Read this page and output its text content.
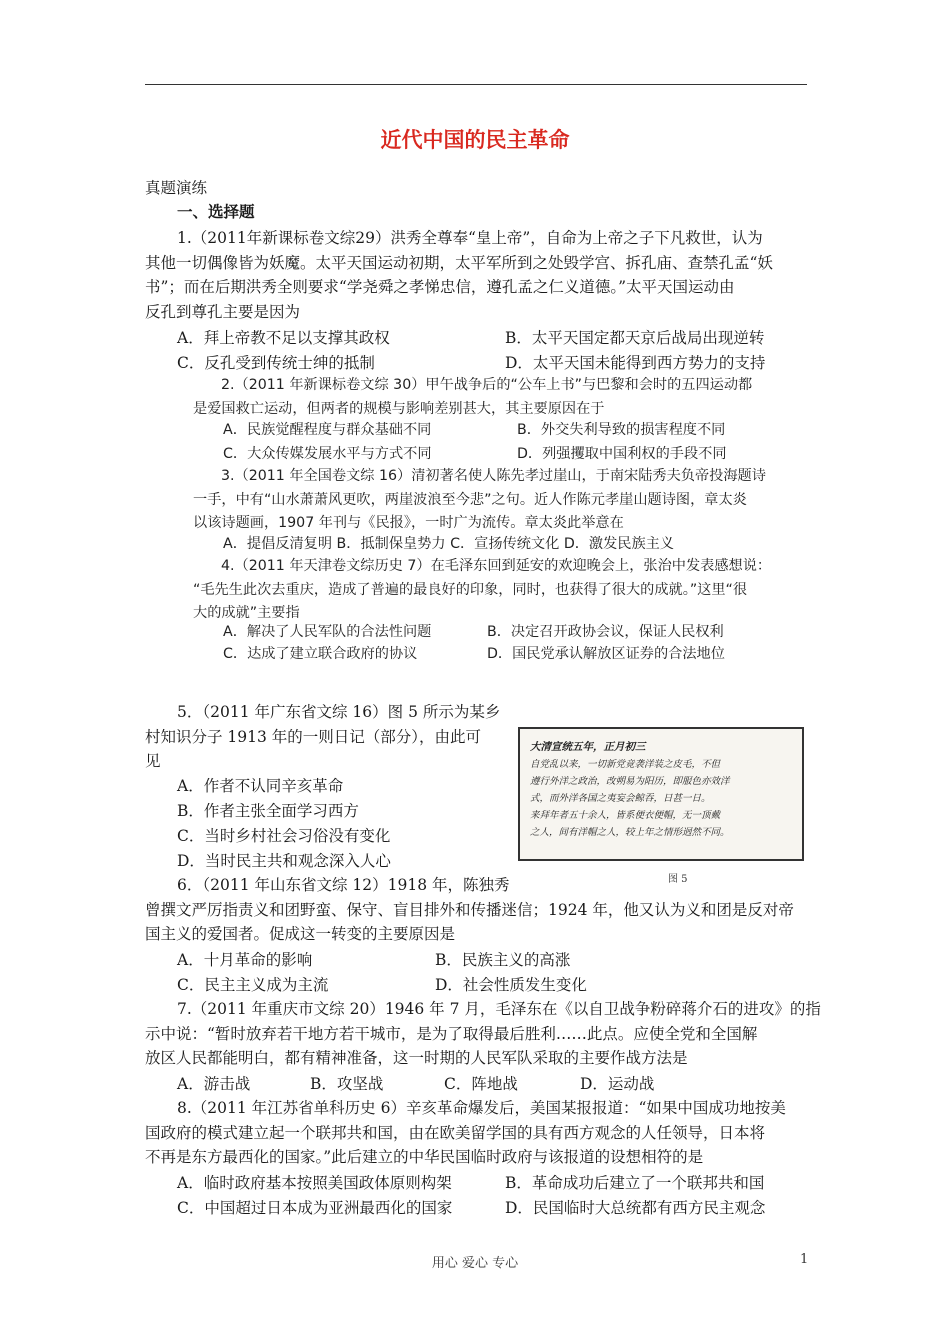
近代中国的民主革命
真题演练
一、选择题
1.（2011年新课标卷文综29）洪秀全尊奉“皇上帝”，自命为上帝之子下凡救世，认为
其他一切偶像皆为妖魔。太平天国运动初期，太平军所到之处毁学宫、拆孔庙、查禁孔孟“妖
书”；而在后期洪秀全则要求“学尧舜之孝悌忠信，遵孔孟之仁义道德。”太平天国运动由
反孔到尊孔主要是因为
A．拜上帝教不足以支撑其政权	B．太平天国定都天京后战局出现逆转
C．反孔受到传统士绅的抵制	D．太平天国未能得到西方势力的支持
2.（2011 年新课标卷文综 30）甲午战争后的“公车上书”与巴黎和会时的五四运动都
是爱国救亡运动，但两者的规模与影响差别甚大，其主要原因在于
A．民族觉醒程度与群众基础不同	B．外交失利导致的损害程度不同
C．大众传媒发展水平与方式不同	D．列强攫取中国利权的手段不同
3.（2011 年全国卷文综 16）清初著名使人陈先孝过崖山，于南宋陆秀夫负帝投海题诗
一手，中有“山水萧萧风更吹，两崖波浪至今悲”之句。近人作陈元孝崖山题诗图，章太炎
以该诗题画，1907 年刊与《民报》，一时广为流传。章太炎此举意在
A．提倡反清复明 B．抵制保皇势力 C．宣扬传统文化 D．激发民族主义
4.（2011 年天津卷文综历史 7）在毛泽东回到延安的欢迎晚会上，张治中发表感想说：
“毛先生此次去重庆，造成了普遍的最良好的印象，同时，也获得了很大的成就。”这里“很
大的成就”主要指
A．解决了人民军队的合法性问题	B．决定召开政协会议，保证人民权利
C．达成了建立联合政府的协议	D．国民党承认解放区证券的合法地位
5．（2011 年广东省文综 16）图 5 所示为某乡
村知识分子 1913 年的一则日记（部分），由此可
见
A．作者不认同辛亥革命
B．作者主张全面学习西方
C．当时乡村社会习俗没有变化
D．当时民主共和观念深入人心
大清宣统五年，正月初三
自党乱以来，一切新党竞袭洋装之皮毛，不但
遵行外洋之政治，改朔易为阳历，即服色亦效洋
式，而外洋各国之夷妄会鲸吞，日甚一日。
来拜年者五十余人，皆系便衣便帽，无一顶戴
之人，间有洋帽之人，较上年之情形迥然不同。
图 5
6．（2011 年山东省文综 12）1918 年，陈独秀
曾撰文严厉指责义和团野蛮、保守、盲目排外和传播迷信；1924 年，他又认为义和团是反对帝
国主义的爱国者。促成这一转变的主要原因是
A．十月革命的影响	B．民族主义的高涨
C．民主主义成为主流	D．社会性质发生变化
7.（2011 年重庆市文综 20）1946 年 7 月，毛泽东在《以自卫战争粉碎蒋介石的进攻》的指
示中说：“暂时放弃若干地方若干城市，是为了取得最后胜利……此点。应使全党和全国解
放区人民都能明白，都有精神准备，这一时期的人民军队采取的主要作战方法是
A．游击战	B．攻坚战	C．阵地战	D．运动战
8.（2011 年江苏省单科历史 6）辛亥革命爆发后，美国某报报道：“如果中国成功地按美
国政府的模式建立起一个联邦共和国，由在欧美留学国的具有西方观念的人任领导，日本将
不再是东方最西化的国家。”此后建立的中华民国临时政府与该报道的设想相符的是
A．临时政府基本按照美国政体原则构架	B．革命成功后建立了一个联邦共和国
C．中国超过日本成为亚洲最西化的国家	D．民国临时大总统都有西方民主观念
用心 爱心 专心	1
